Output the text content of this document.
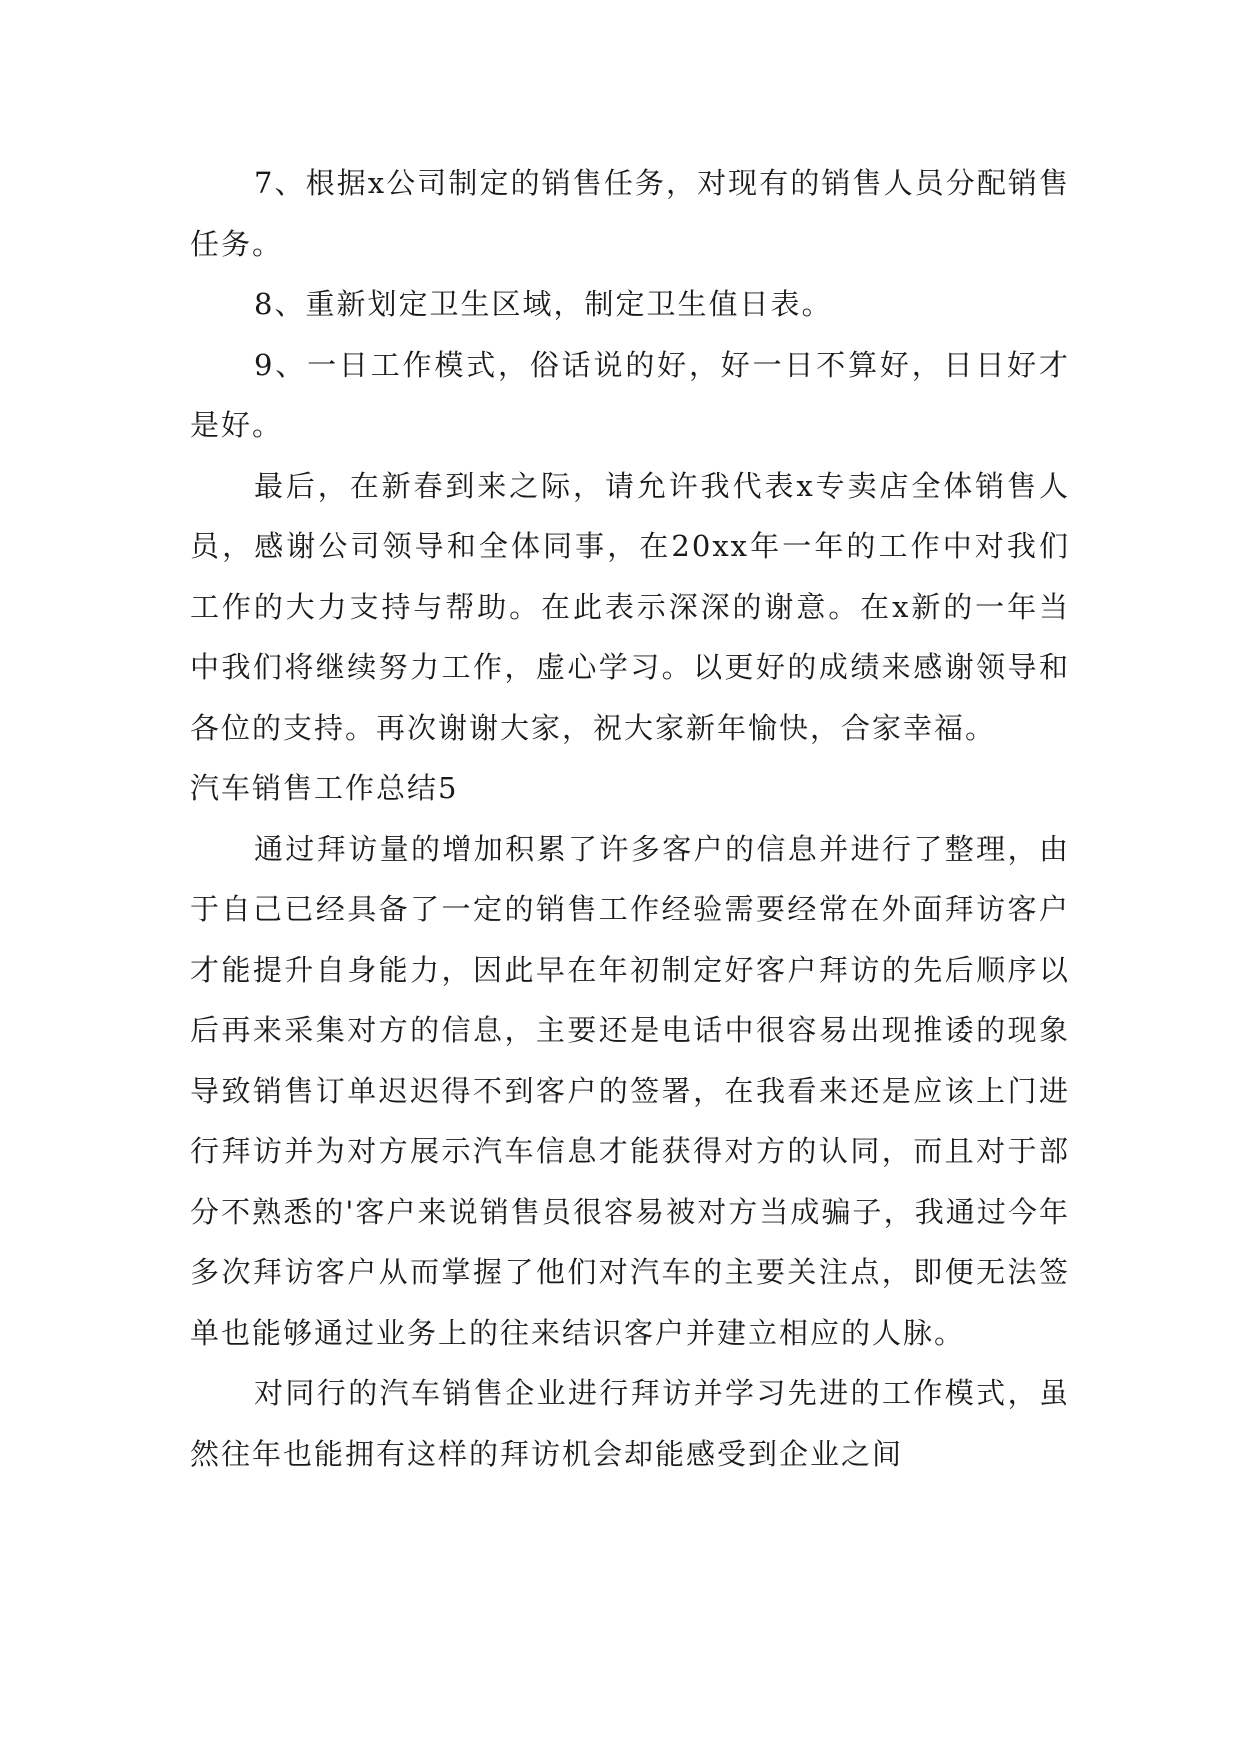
7、根据x公司制定的销售任务，对现有的销售人员分配销售任务。

8、重新划定卫生区域，制定卫生值日表。

9、一日工作模式，俗话说的好，好一日不算好，日日好才是好。

最后，在新春到来之际，请允许我代表x专卖店全体销售人员，感谢公司领导和全体同事，在20xx年一年的工作中对我们工作的大力支持与帮助。在此表示深深的谢意。在x新的一年当中我们将继续努力工作，虚心学习。以更好的成绩来感谢领导和各位的支持。再次谢谢大家，祝大家新年愉快，合家幸福。

汽车销售工作总结5

通过拜访量的增加积累了许多客户的信息并进行了整理，由于自己已经具备了一定的销售工作经验需要经常在外面拜访客户才能提升自身能力，因此早在年初制定好客户拜访的先后顺序以后再来采集对方的信息，主要还是电话中很容易出现推诿的现象导致销售订单迟迟得不到客户的签署，在我看来还是应该上门进行拜访并为对方展示汽车信息才能获得对方的认同，而且对于部分不熟悉的'客户来说销售员很容易被对方当成骗子，我通过今年多次拜访客户从而掌握了他们对汽车的主要关注点，即便无法签单也能够通过业务上的往来结识客户并建立相应的人脉。

对同行的汽车销售企业进行拜访并学习先进的工作模式，虽然往年也能拥有这样的拜访机会却能感受到企业之间
